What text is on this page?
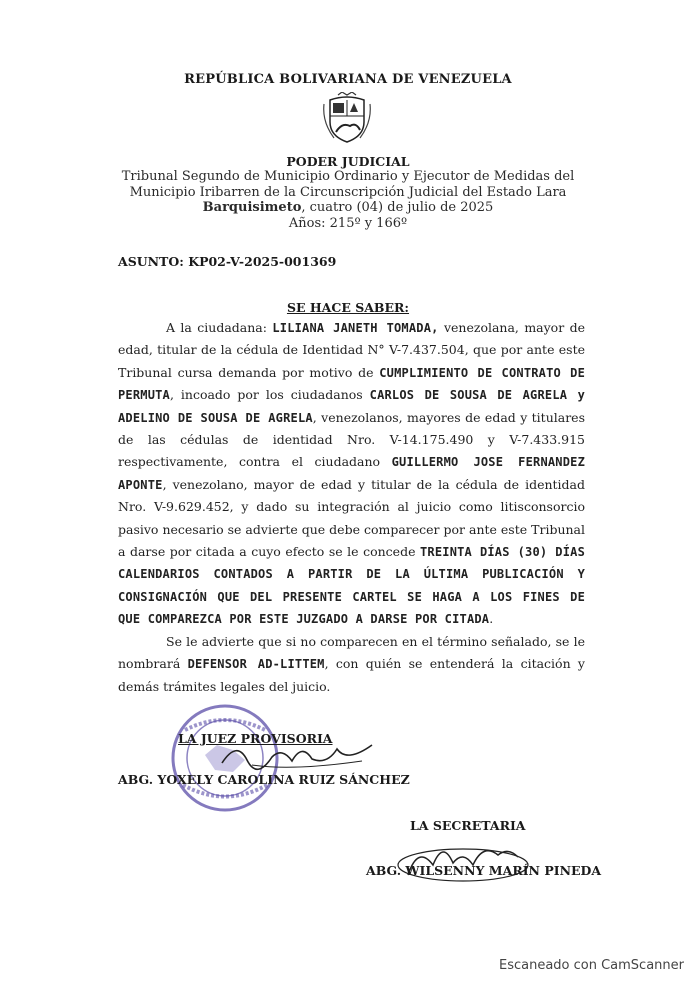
REPÚBLICA BOLIVARIANA DE VENEZUELA
PODER JUDICIAL
Tribunal Segundo de Municipio Ordinario y Ejecutor de Medidas del
Municipio Iribarren de la Circunscripción Judicial del Estado Lara
Barquisimeto, cuatro (04) de julio de 2025
Años: 215º y 166º
ASUNTO: KP02-V-2025-001369
SE HACE SABER:

A la ciudadana: LILIANA JANETH TOMADA, venezolana, mayor de edad, titular de la cédula de Identidad N° V-7.437.504, que por ante este Tribunal cursa demanda por motivo de CUMPLIMIENTO DE CONTRATO DE PERMUTA, incoado por los ciudadanos CARLOS DE SOUSA DE AGRELA y ADELINO DE SOUSA DE AGRELA, venezolanos, mayores de edad y titulares de las cédulas de identidad Nro. V-14.175.490 y V-7.433.915 respectivamente, contra el ciudadano GUILLERMO JOSE FERNANDEZ APONTE, venezolano, mayor de edad y titular de la cédula de identidad Nro. V-9.629.452, y dado su integración al juicio como litisconsorcio pasivo necesario se advierte que debe comparecer por ante este Tribunal a darse por citada a cuyo efecto se le concede TREINTA DÍAS (30) DÍAS CALENDARIOS CONTADOS A PARTIR DE LA ÚLTIMA PUBLICACIÓN Y CONSIGNACIÓN QUE DEL PRESENTE CARTEL SE HAGA A LOS FINES DE QUE COMPAREZCA POR ESTE JUZGADO A DARSE POR CITADA.

Se le advierte que si no comparecen en el término señalado, se le nombrará DEFENSOR AD-LITTEM, con quién se entenderá la citación y demás trámites legales del juicio.

LA JUEZ PROVISORIA
ABG. YOXELY CAROLINA RUIZ SÁNCHEZ
LA SECRETARIA
ABG. WILSENNY MARÍN PINEDA
Escaneado con CamScanner
